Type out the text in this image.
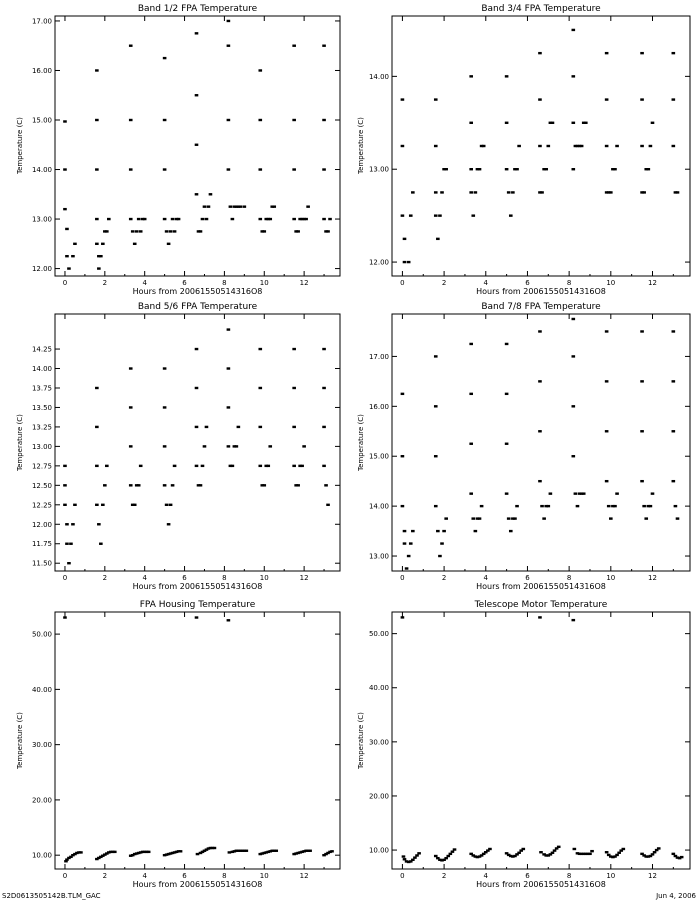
Band 1/2 FPA Temperature
Hours from 20061550514316O8
Temperature (C)
0	2	4	6	8	10	12
12.00
13.00
14.00
15.00
16.00
17.00
Band 3/4 FPA Temperature
Hours from 20061550514316O8
Temperature (C)
0	2	4	6	8	10	12
12.00
13.00
14.00
Band 5/6 FPA Temperature
Hours from 20061550514316O8
Temperature (C)
0	2	4	6	8	10	12
11.50
12.00
12.50
13.00
13.50
14.00
11.75
12.25
12.75
13.25
13.75
14.25
Band 7/8 FPA Temperature
Hours from 20061550514316O8
Temperature (C)
0	2	4	6	8	10	12
13.00
14.00
15.00
16.00
17.00
FPA Housing Temperature
Hours from 20061550514316O8
Temperature (C)
0	2	4	6	8	10	12
10.00
20.00
30.00
40.00
50.00
Telescope Motor Temperature
Hours from 20061550514316O8
Temperature (C)
0	2	4	6	8	10	12
10.00
20.00
30.00
40.00
50.00
S2D0613505142B.TLM_GAC	Jun 4, 2006
